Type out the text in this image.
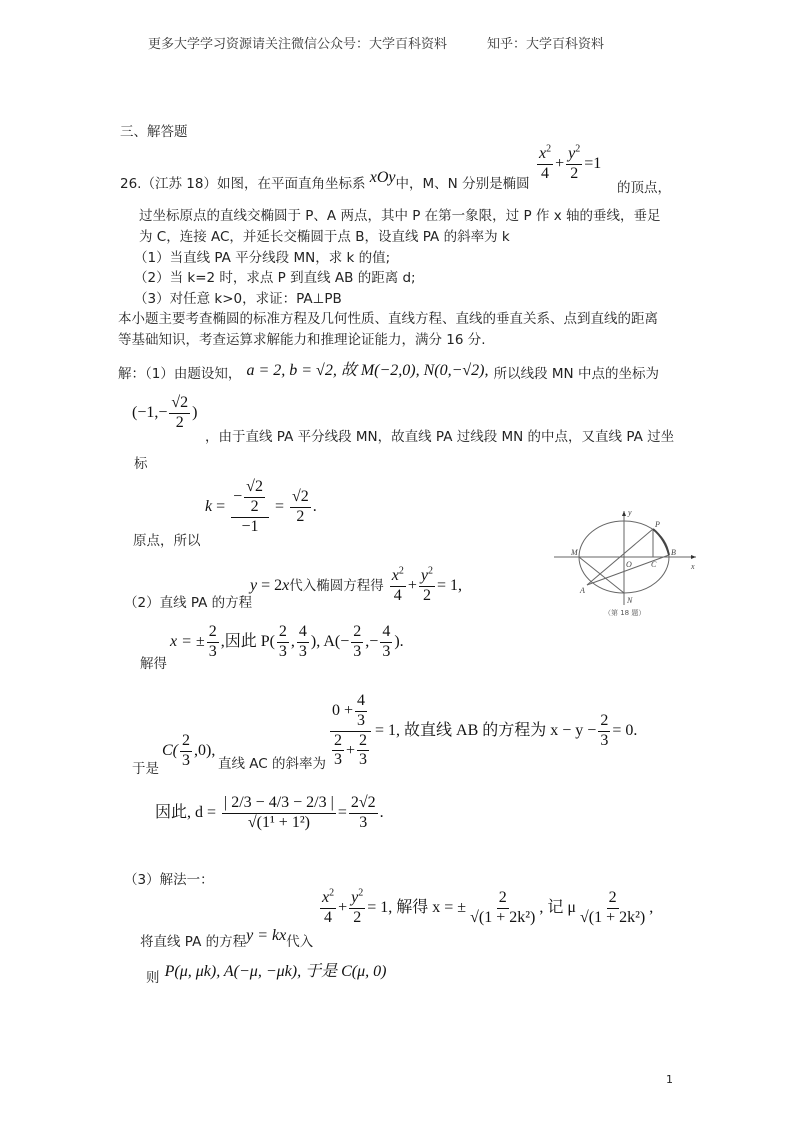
更多大学学习资源请关注微信公众号：大学百科资料	知乎：大学百科资料
三、解答题
26.（江苏 18）如图，在平面直角坐标系 xOy中，M、N 分别是椭圆
$\frac{x^2}{4} + \frac{y^2}{2} =1$
的顶点，
过坐标原点的直线交椭圆于 P、A 两点，其中 P 在第一象限，过 P 作 x 轴的垂线，垂足
为 C，连接 AC，并延长交椭圆于点 B，设直线 PA 的斜率为 k
（1）当直线 PA 平分线段 MN，求 k 的值;
（2）当 k=2 时，求点 P 到直线 AB 的距离 d;
（3）对任意 k>0，求证：PA⊥PB
本小题主要考查椭圆的标准方程及几何性质、直线方程、直线的垂直关系、点到直线的距离
等基础知识，考查运算求解能力和推理论证能力，满分 16 分.
解：（1）由题设知， a = 2, b = √2, 故 M(−2,0), N(0,−√2), 所以线段 MN 中点的坐标为
($-1,- \frac{√2}{2}$ )
，由于直线 PA 平分线段 MN，故直线 PA 过线段 MN 的中点，又直线 PA 过坐
标
原点，所以
$k = \frac{- \frac{√2}{2}}{-1} = \frac{√2}{2}$ .
M
N
A
B
P
C
O	x
y
（第 18 题）
（2）直线 PA 的方程
y = 2x代入椭圆方程得 $\frac{x^2}{4} + \frac{y^2}{2} = 1$,
解得
x = ± $\frac{2}{3}$ ,因此 $P( \frac{2}{3}$ , $\frac{4}{3}$ ), $A(- \frac{2}{3}$ ,− $\frac{4}{3}$ ).
于是
$C( \frac{2}{3} ,0)$,
直线 AC 的斜率为 $\frac{0 + \frac{4}{3}}{\frac{2}{3} + \frac{2}{3}} = 1$, 故直线 AB 的方程为 $x - y - \frac{2}{3} = 0$.
因此, $d = \frac{| 2/3 - 4/3 - 2/3 |}{\text{√(1¹ + 1²)}} = \frac{2√2}{3}$ .
（3）解法一：
将直线 PA 的方程y = kx代入
$\frac{x^2}{4} + \frac{y^2}{2} = 1$, 解得 x = ± $\frac{2}{\text{√(1 + 2k²)}}$ , 记 μ $\frac{2}{\text{√(1 + 2k²)}}$ ,
$_则$ P(μ, μk), A(−μ, −μk), 于是 C(μ, 0)
1
